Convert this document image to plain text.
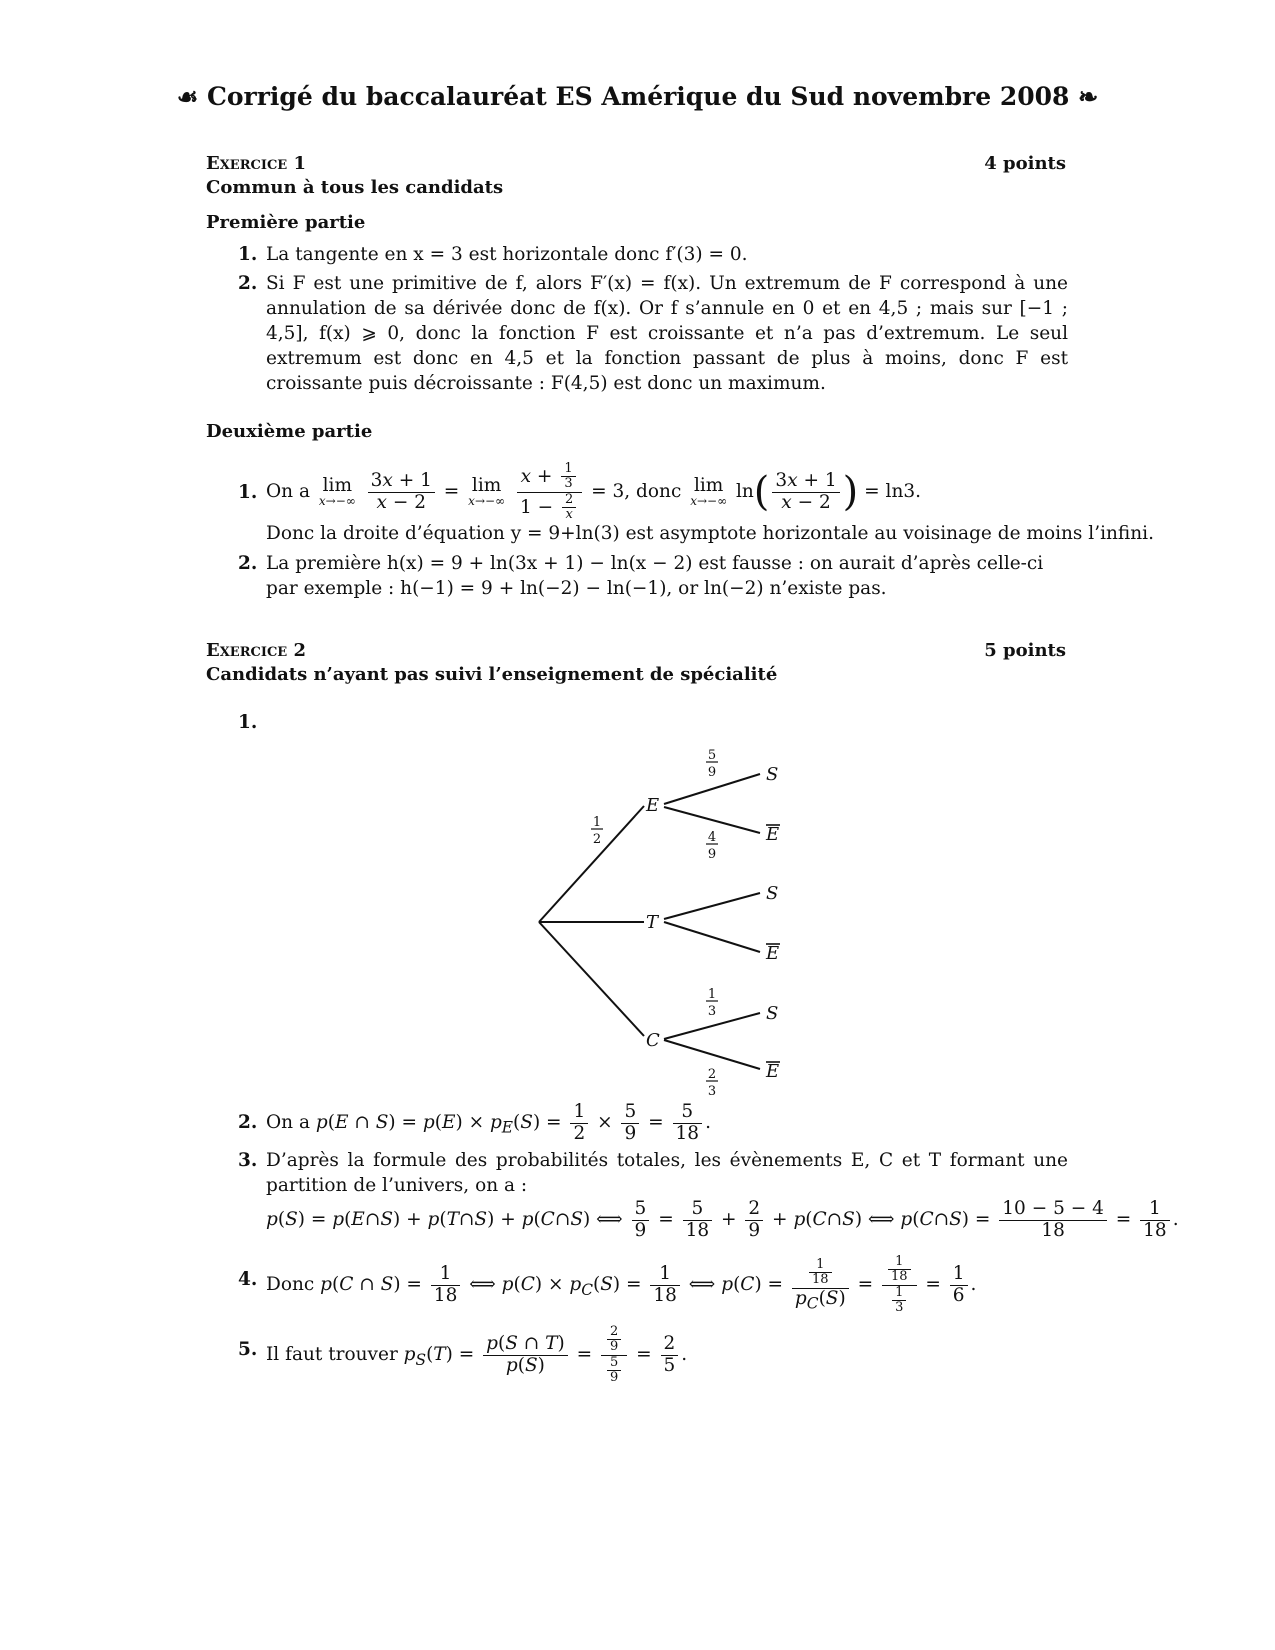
☙ Corrigé du baccalauréat ES Amérique du Sud novembre 2008 ❧
Exercice 1	4 points
Commun à tous les candidats
Première partie
1. La tangente en x = 3 est horizontale donc f′(3) = 0.
2. Si F est une primitive de f, alors F′(x) = f(x). Un extremum de F correspond à une annulation de sa dérivée donc de f(x). Or f s’annule en 0 et en 4,5 ; mais sur [−1 ; 4,5], f(x) ⩾ 0, donc la fonction F est croissante et n’a pas d’extremum. Le seul extremum est donc en 4,5 et la fonction passant de plus à moins, donc F est croissante puis décroissante : F(4,5) est donc un maximum.
Deuxième partie
1. On a lim
x→−∞
$\frac{3x + 1}{x - 2} = \lim$
x→−∞
$\frac{x + \frac{1}{3}}{1 - \frac{2}{x}} = 3$, donc lim
x→−∞ $\ln( \frac{3x + 1}{x - 2}$ ) = ln3.
Donc la droite d’équation y = 9+ln(3) est asymptote horizontale au voisinage de moins l’infini.
2. La première h(x) = 9 + ln(3x + 1) − ln(x − 2) est fausse : on aurait d’après celle-ci par exemple : h(−1) = 9 + ln(−2) − ln(−1), or ln(−2) n’existe pas.
Exercice 2	5 points
Candidats n’ayant pas suivi l’enseignement de spécialité
1.
E
T
C
S
E
S
E
S
E
1
2
5
9
4
9
1
3
2
3
2. On a p(E ∩ $S) = p(E) \times p_E(S) = \frac{1}{2} \times \frac{5}{9} = \frac{5}{18}$ .
3. D’après la formule des probabilités totales, les évènements E, C et T formant une partition de l’univers, on a :
p(S) = p(E∩S) + p(T∩S) + p(C∩S) ⟺ $\frac{5}{9} = \frac{5}{18} + \frac{2}{9}$ + p(C∩S) ⟺ p(C∩S) = $\frac{10 - 5 - 4}{18} = \frac{1}{18}$ .
4. Donc p(C ∩ $S) = \frac{1}{18}$ ⟺ $p(C) \times p_C(S) = \frac{1}{18}$ ⟺ $p(C) = \frac{\frac{1}{18}}{p_C(S)} = \frac{\frac{1}{18}}{\frac{1}{3}} = \frac{1}{6}$ .
5. Il faut trouver $p_S(T) = \frac{p(S \cap T)}{p(S)} = \frac{\frac{2}{9}}{\frac{5}{9}} = \frac{2}{5}$ .
